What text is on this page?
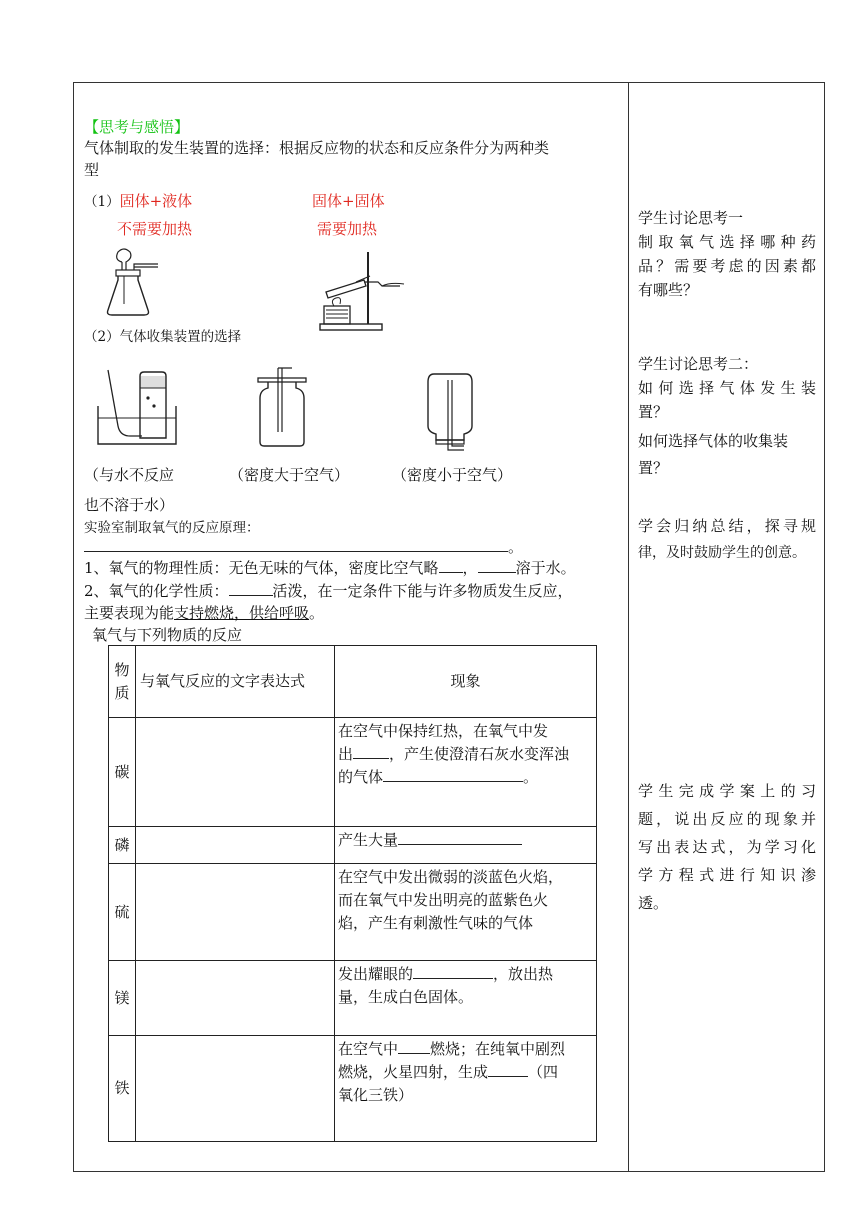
【思考与感悟】
气体制取的发生装置的选择：根据反应物的状态和反应条件分为两种类
型
（1）固体+液体
不需要加热
固体+固体
需要加热
（2）气体收集装置的选择
（与水不反应	（密度大于空气）	（密度小于空气）
也不溶于水）
实验室制取氧气的反应原理：
。
1、氧气的物理性质：无色无味的气体，密度比空气略 ，	溶于水。
2、氧气的化学性质：	活泼，在一定条件下能与许多物质发生反应，
主要表现为能支持燃烧，供给呼吸。
氧气与下列物质的反应
物
质	与氧气反应的文字表达式	现象
碳		在空气中保持红热，在氧气中发
出 ，产生使澄清石灰水变浑浊
的气体 。
磷		产生大量
硫		在空气中发出微弱的淡蓝色火焰，
而在氧气中发出明亮的蓝紫色火
焰，产生有刺激性气味的气体
镁		发出耀眼的 ，放出热
量，生成白色固体。
铁		在空气中 燃烧；在纯氧中剧烈
燃烧，火星四射，生成 （四
氧化三铁）

学生讨论思考一

制取氧气选择哪种药

品？需要考虑的因素都

有哪些？

学生讨论思考二：

如何选择气体发生装

置？

如何选择气体的收集装

置？

学会归纳总结，探寻规

律，及时鼓励学生的创意。

学生完成学案上的习

题，说出反应的现象并

写出表达式，为学习化

学方程式进行知识渗

透。
